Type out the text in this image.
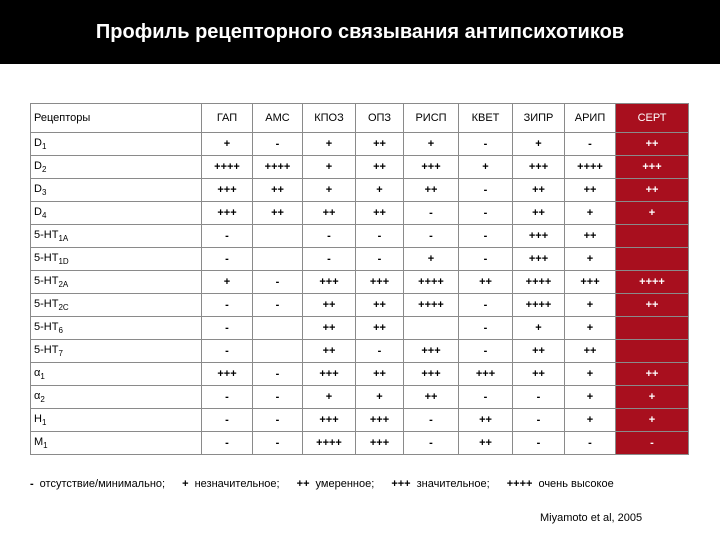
Профиль рецепторного связывания антипсихотиков
Рецепторы	ГАП	АМС	КПОЗ	ОПЗ	РИСП	КВЕТ	ЗИПР	АРИП	СЕРТ
$D_1$	+	-	+	++	+	-	+	-	++
$D_2$	++++	++++	+	++	+++	+	+++	++++	+++
$D_3$	+++	++	+	+	++	-	++	++	++
$D_4$	+++	++	++	++	-	-	++	+	+
$5-HT_{1A}$	-		-	-	-	-	+++	++	
$5-HT_{1D}$	-		-	-	+	-	+++	+	
$5-HT_{2A}$	+	-	+++	+++	++++	++	++++	+++	++++
$5-HT_{2C}$	-	-	++	++	++++	-	++++	+	++
$5-HT_6$	-		++	++		-	+	+	
$5-HT_7$	-		++	-	+++	-	++	++	
$\alpha_1$	+++	-	+++	++	+++	+++	++	+	++
$\alpha_2$	-	-	+	+	++	-	-	+	+
$H_1$	-	-	+++	+++	-	++	-	+	+
$M_1$	-	-	++++	+++	-	++	-	-	-
- отсутствие/минимально; + незначительное; ++ умеренное; +++ значительное; ++++ очень высокое
Miyamoto et al, 2005
